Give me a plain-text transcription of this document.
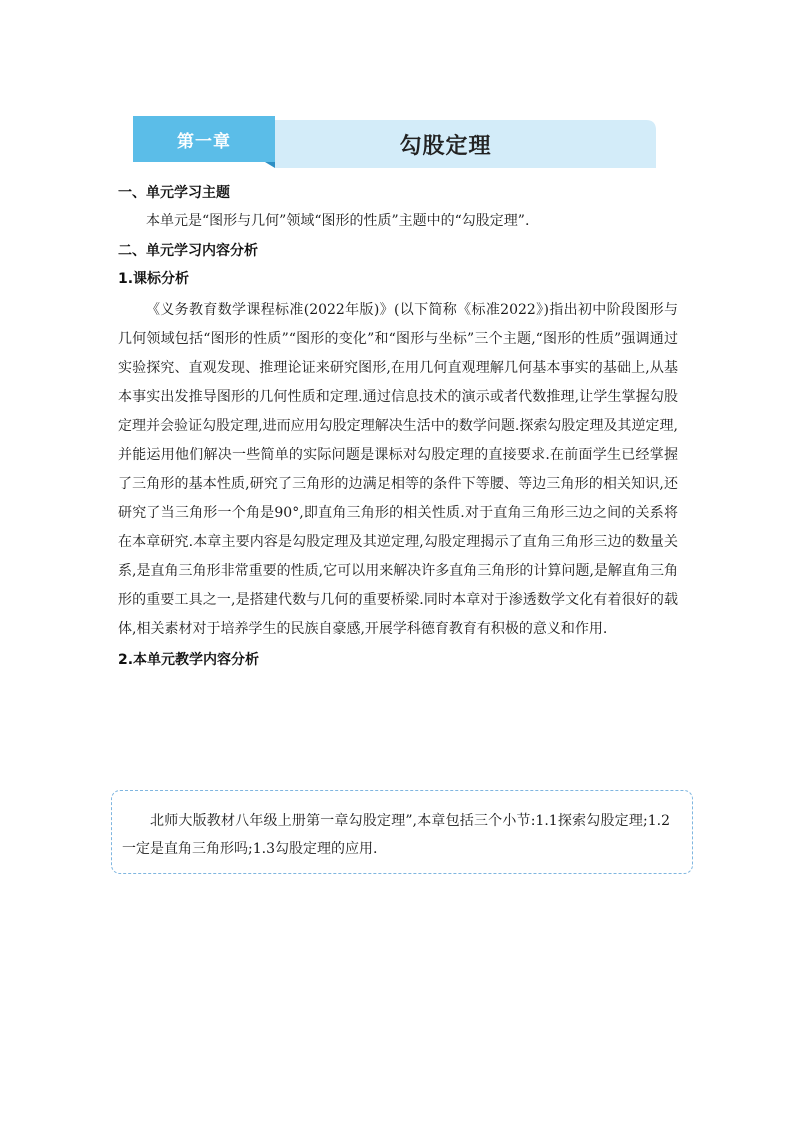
第一章	勾股定理
一、单元学习主题

本单元是“图形与几何”领域“图形的性质”主题中的“勾股定理”.

二、单元学习内容分析
1.课标分析

《义务教育数学课程标准(2022年版)》(以下简称《标准2022》)指出初中阶段图形与几何领域包括“图形的性质”“图形的变化”和“图形与坐标”三个主题,“图形的性质”强调通过实验探究、直观发现、推理论证来研究图形,在用几何直观理解几何基本事实的基础上,从基本事实出发推导图形的几何性质和定理.通过信息技术的演示或者代数推理,让学生掌握勾股定理并会验证勾股定理,进而应用勾股定理解决生活中的数学问题.探索勾股定理及其逆定理,并能运用他们解决一些简单的实际问题是课标对勾股定理的直接要求.在前面学生已经掌握了三角形的基本性质,研究了三角形的边满足相等的条件下等腰、等边三角形的相关知识,还研究了当三角形一个角是90°,即直角三角形的相关性质.对于直角三角形三边之间的关系将在本章研究.本章主要内容是勾股定理及其逆定理,勾股定理揭示了直角三角形三边的数量关系,是直角三角形非常重要的性质,它可以用来解决许多直角三角形的计算问题,是解直角三角形的重要工具之一,是搭建代数与几何的重要桥梁.同时本章对于渗透数学文化有着很好的载体,相关素材对于培养学生的民族自豪感,开展学科德育教育有积极的意义和作用.

2.本单元教学内容分析

北师大版教材八年级上册第一章勾股定理”,本章包括三个小节:1.1探索勾股定理;1.2一定是直角三角形吗;1.3勾股定理的应用.
